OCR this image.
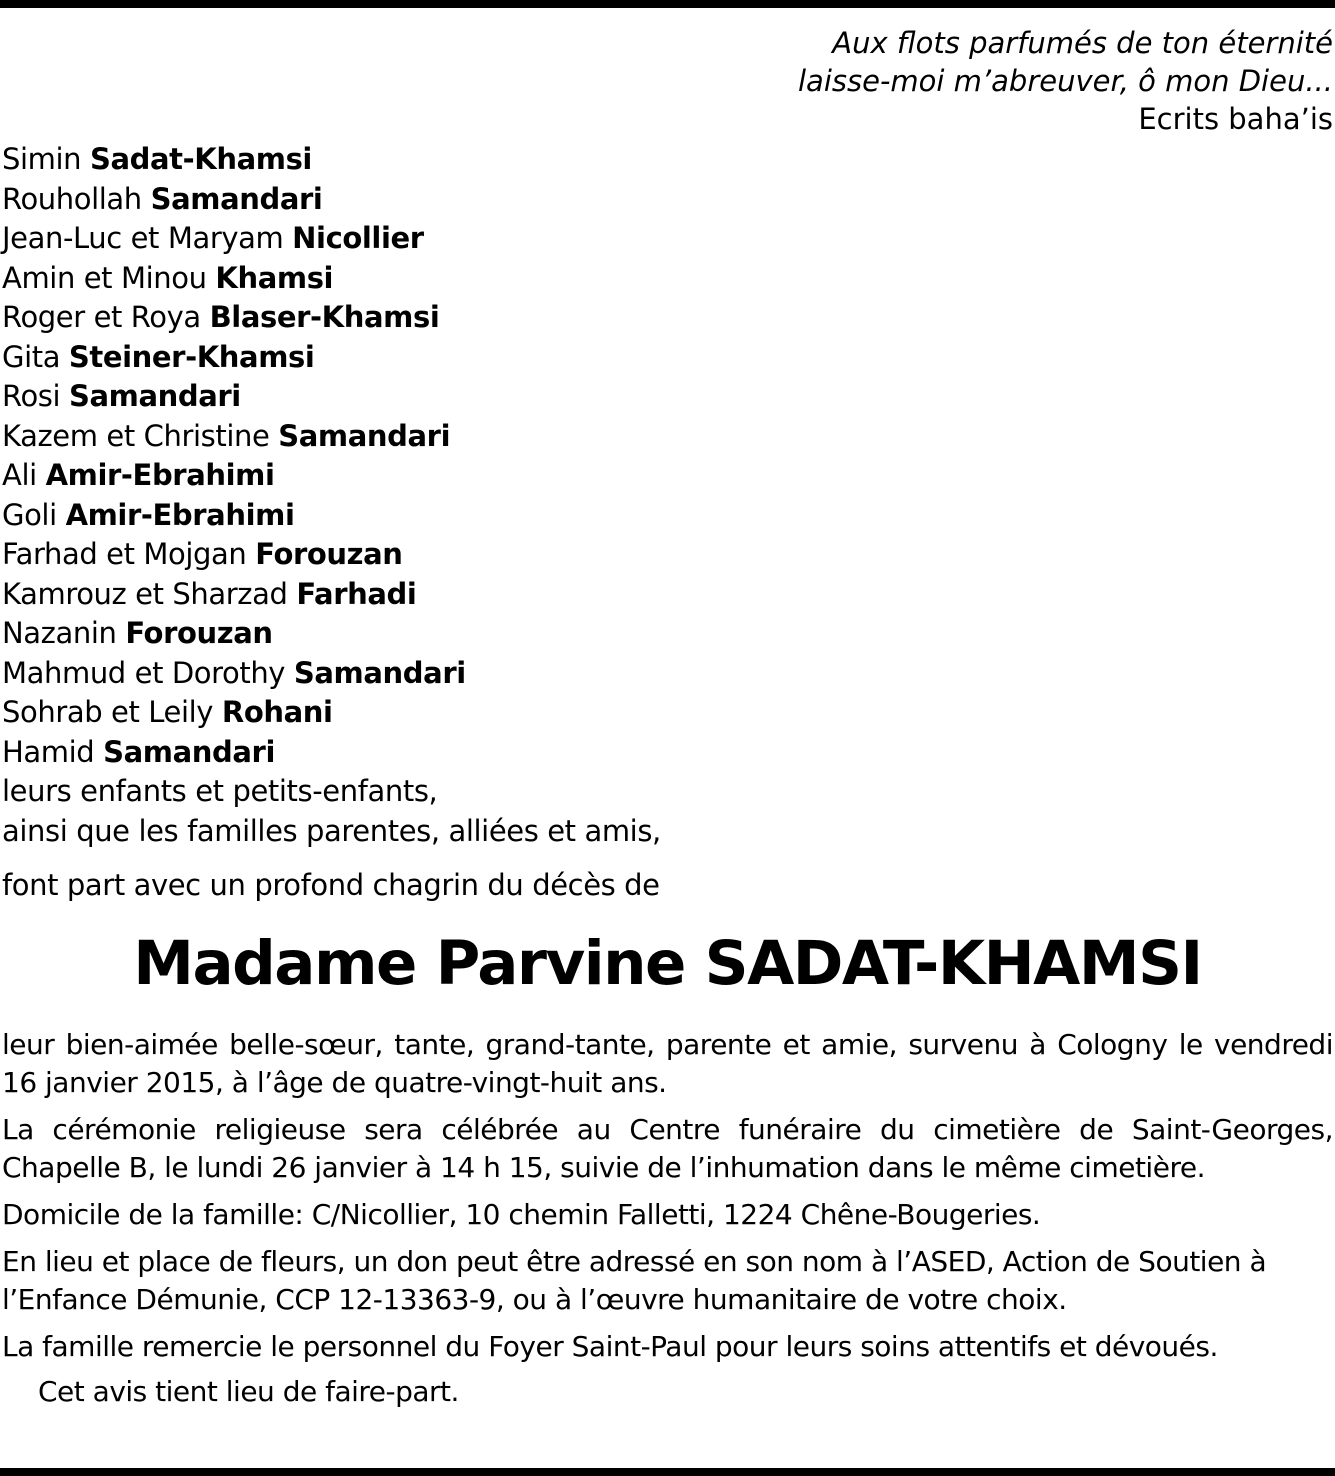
Aux flots parfumés de ton éternité
laisse-moi m’abreuver, ô mon Dieu...
Ecrits baha’is
Simin Sadat-Khamsi
Rouhollah Samandari
Jean-Luc et Maryam Nicollier
Amin et Minou Khamsi
Roger et Roya Blaser-Khamsi
Gita Steiner-Khamsi
Rosi Samandari
Kazem et Christine Samandari
Ali Amir-Ebrahimi
Goli Amir-Ebrahimi
Farhad et Mojgan Forouzan
Kamrouz et Sharzad Farhadi
Nazanin Forouzan
Mahmud et Dorothy Samandari
Sohrab et Leily Rohani
Hamid Samandari
leurs enfants et petits-enfants,
ainsi que les familles parentes, alliées et amis,
font part avec un profond chagrin du décès de
Madame Parvine SADAT-KHAMSI

leur bien-aimée belle-sœur, tante, grand-tante, parente et amie, survenu à Cologny le vendredi 16 janvier 2015, à l’âge de quatre-vingt-huit ans.

La cérémonie religieuse sera célébrée au Centre funéraire du cimetière de Saint-Georges, Chapelle B, le lundi 26 janvier à 14 h 15, suivie de l’inhumation dans le même cimetière.

Domicile de la famille: C/Nicollier, 10 chemin Falletti, 1224 Chêne-Bougeries.

En lieu et place de fleurs, un don peut être adressé en son nom à l’ASED, Action de Soutien à l’Enfance Démunie, CCP 12-13363-9, ou à l’œuvre humanitaire de votre choix.

La famille remercie le personnel du Foyer Saint-Paul pour leurs soins attentifs et dévoués.

Cet avis tient lieu de faire-part.
